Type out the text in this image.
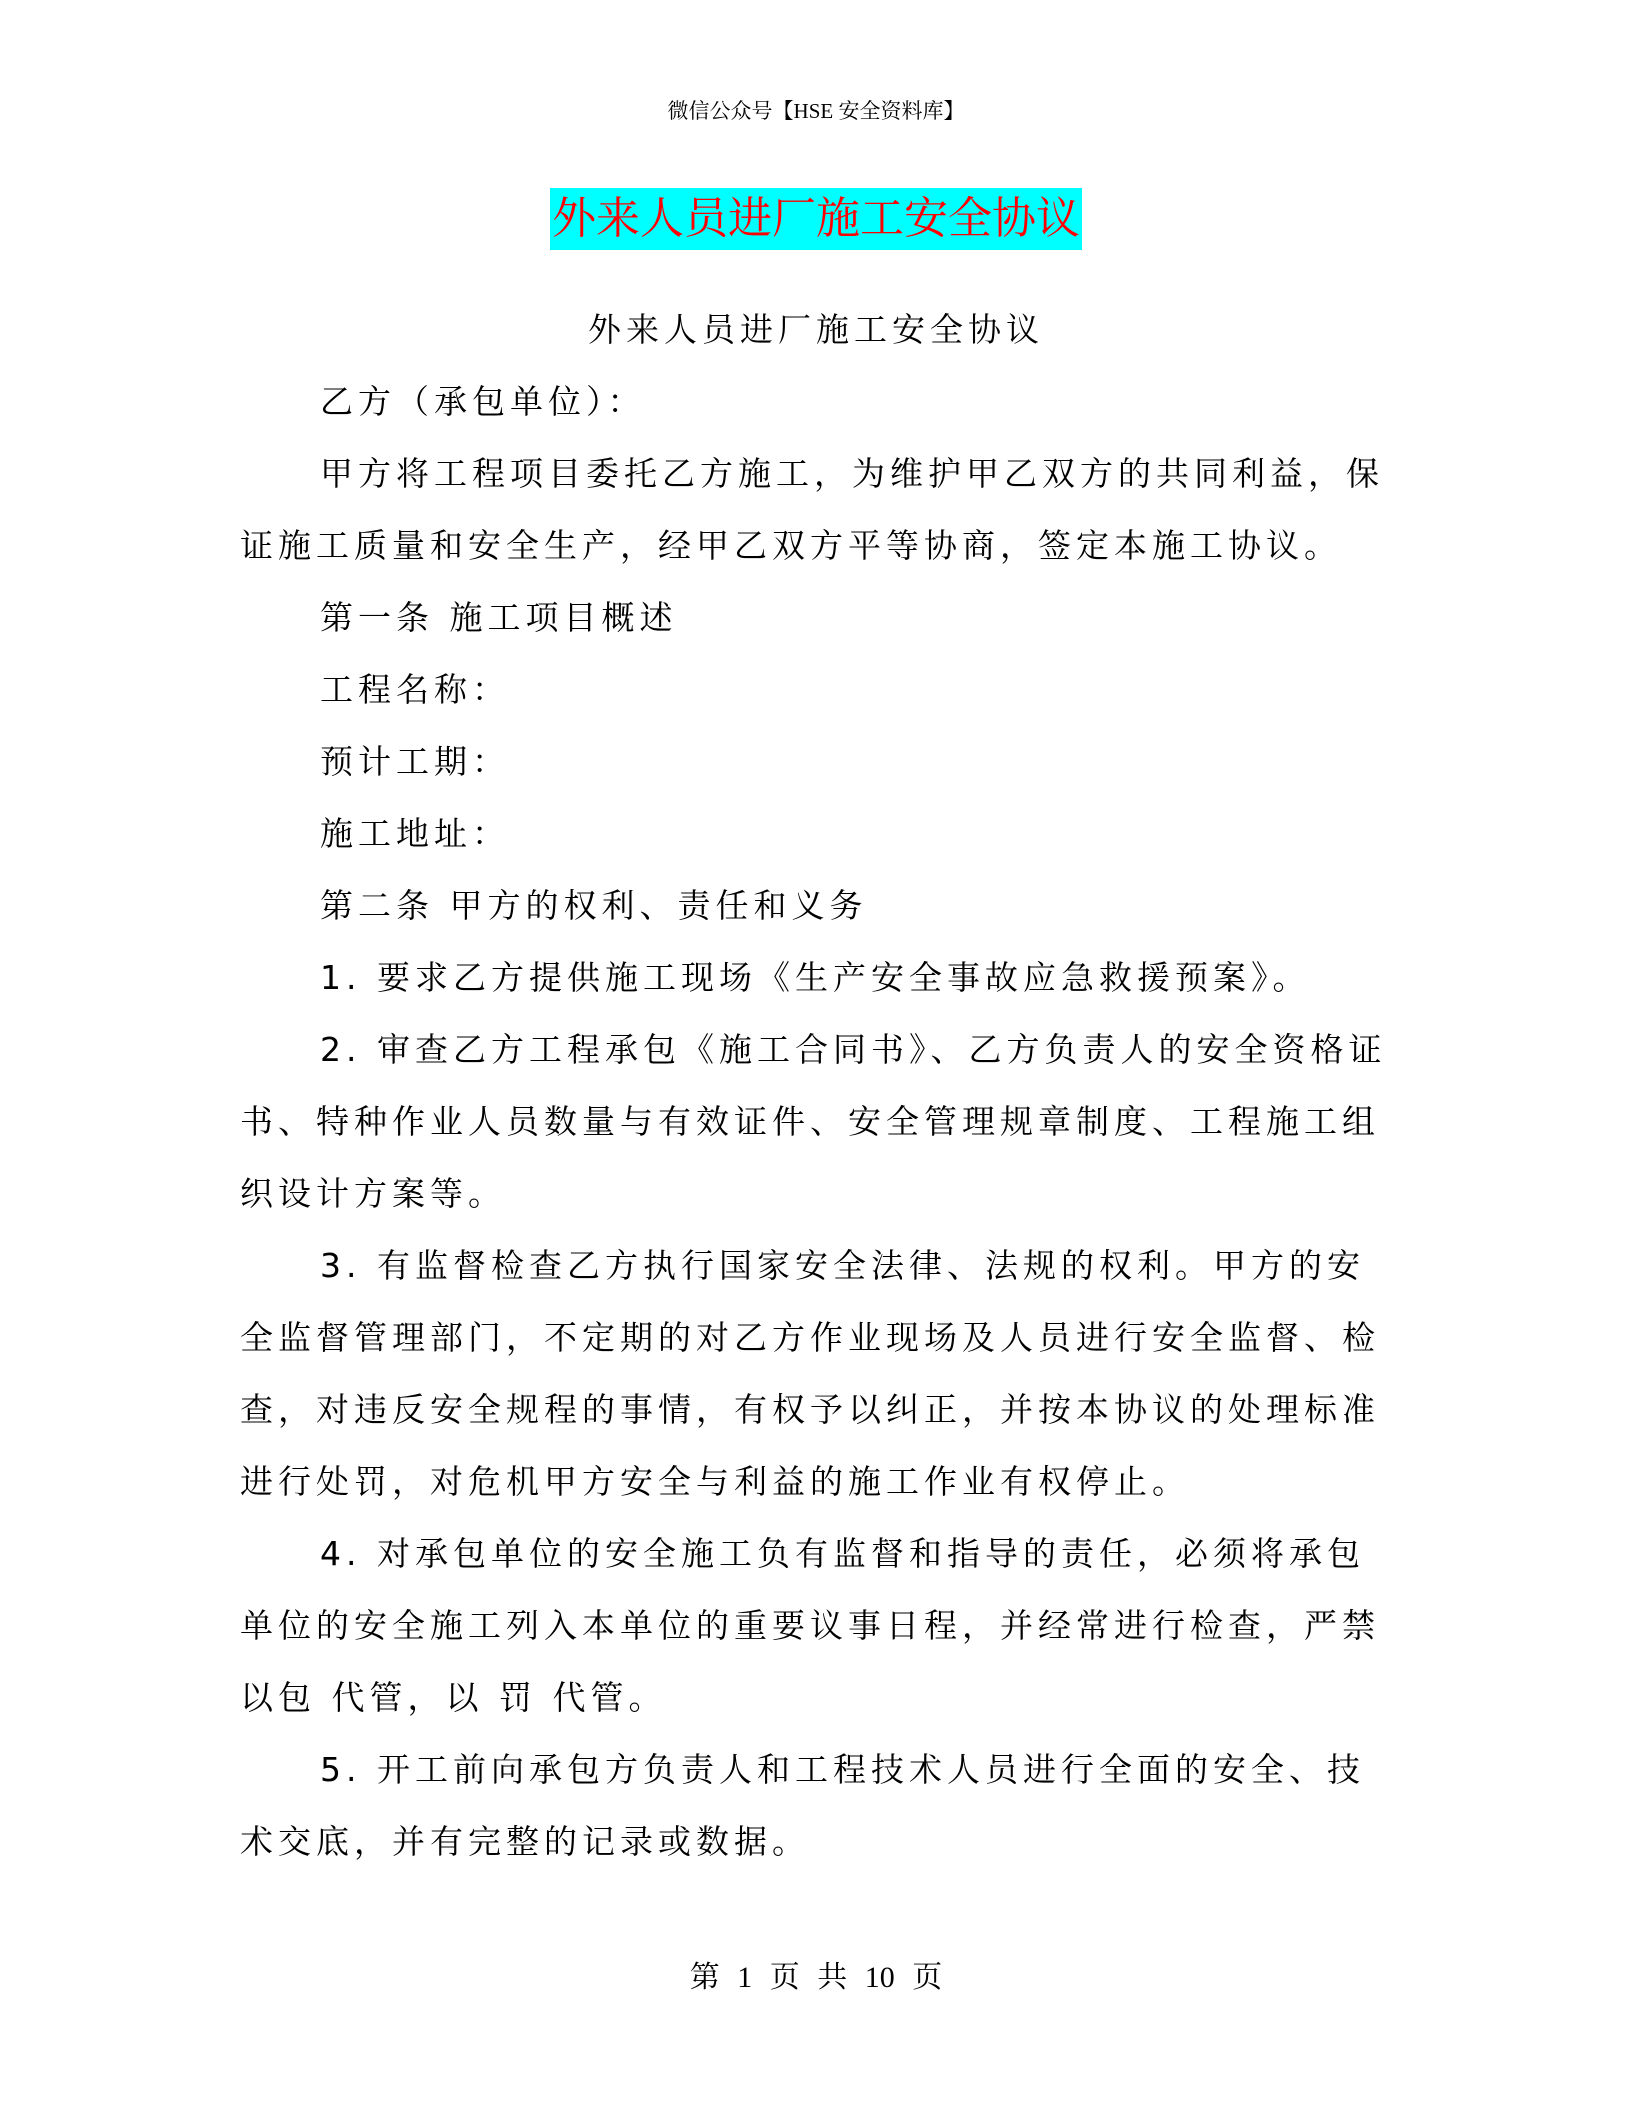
微信公众号【HSE 安全资料库】
外来人员进厂施工安全协议

外来人员进厂施工安全协议

乙方（承包单位）：

甲方将工程项目委托乙方施工，为维护甲乙双方的共同利益，保证施工质量和安全生产，经甲乙双方平等协商，签定本施工协议。

第一条 施工项目概述

工程名称：

预计工期：

施工地址：

第二条 甲方的权利、责任和义务

1. 要求乙方提供施工现场《生产安全事故应急救援预案》。

2. 审查乙方工程承包《施工合同书》、乙方负责人的安全资格证书、特种作业人员数量与有效证件、安全管理规章制度、工程施工组织设计方案等。

3. 有监督检查乙方执行国家安全法律、法规的权利。甲方的安全监督管理部门，不定期的对乙方作业现场及人员进行安全监督、检查，对违反安全规程的事情，有权予以纠正，并按本协议的处理标准进行处罚，对危机甲方安全与利益的施工作业有权停止。

4. 对承包单位的安全施工负有监督和指导的责任，必须将承包单位的安全施工列入本单位的重要议事日程，并经常进行检查，严禁以包 代管，以 罚 代管。

5. 开工前向承包方负责人和工程技术人员进行全面的安全、技术交底，并有完整的记录或数据。

第 1 页 共 10 页
